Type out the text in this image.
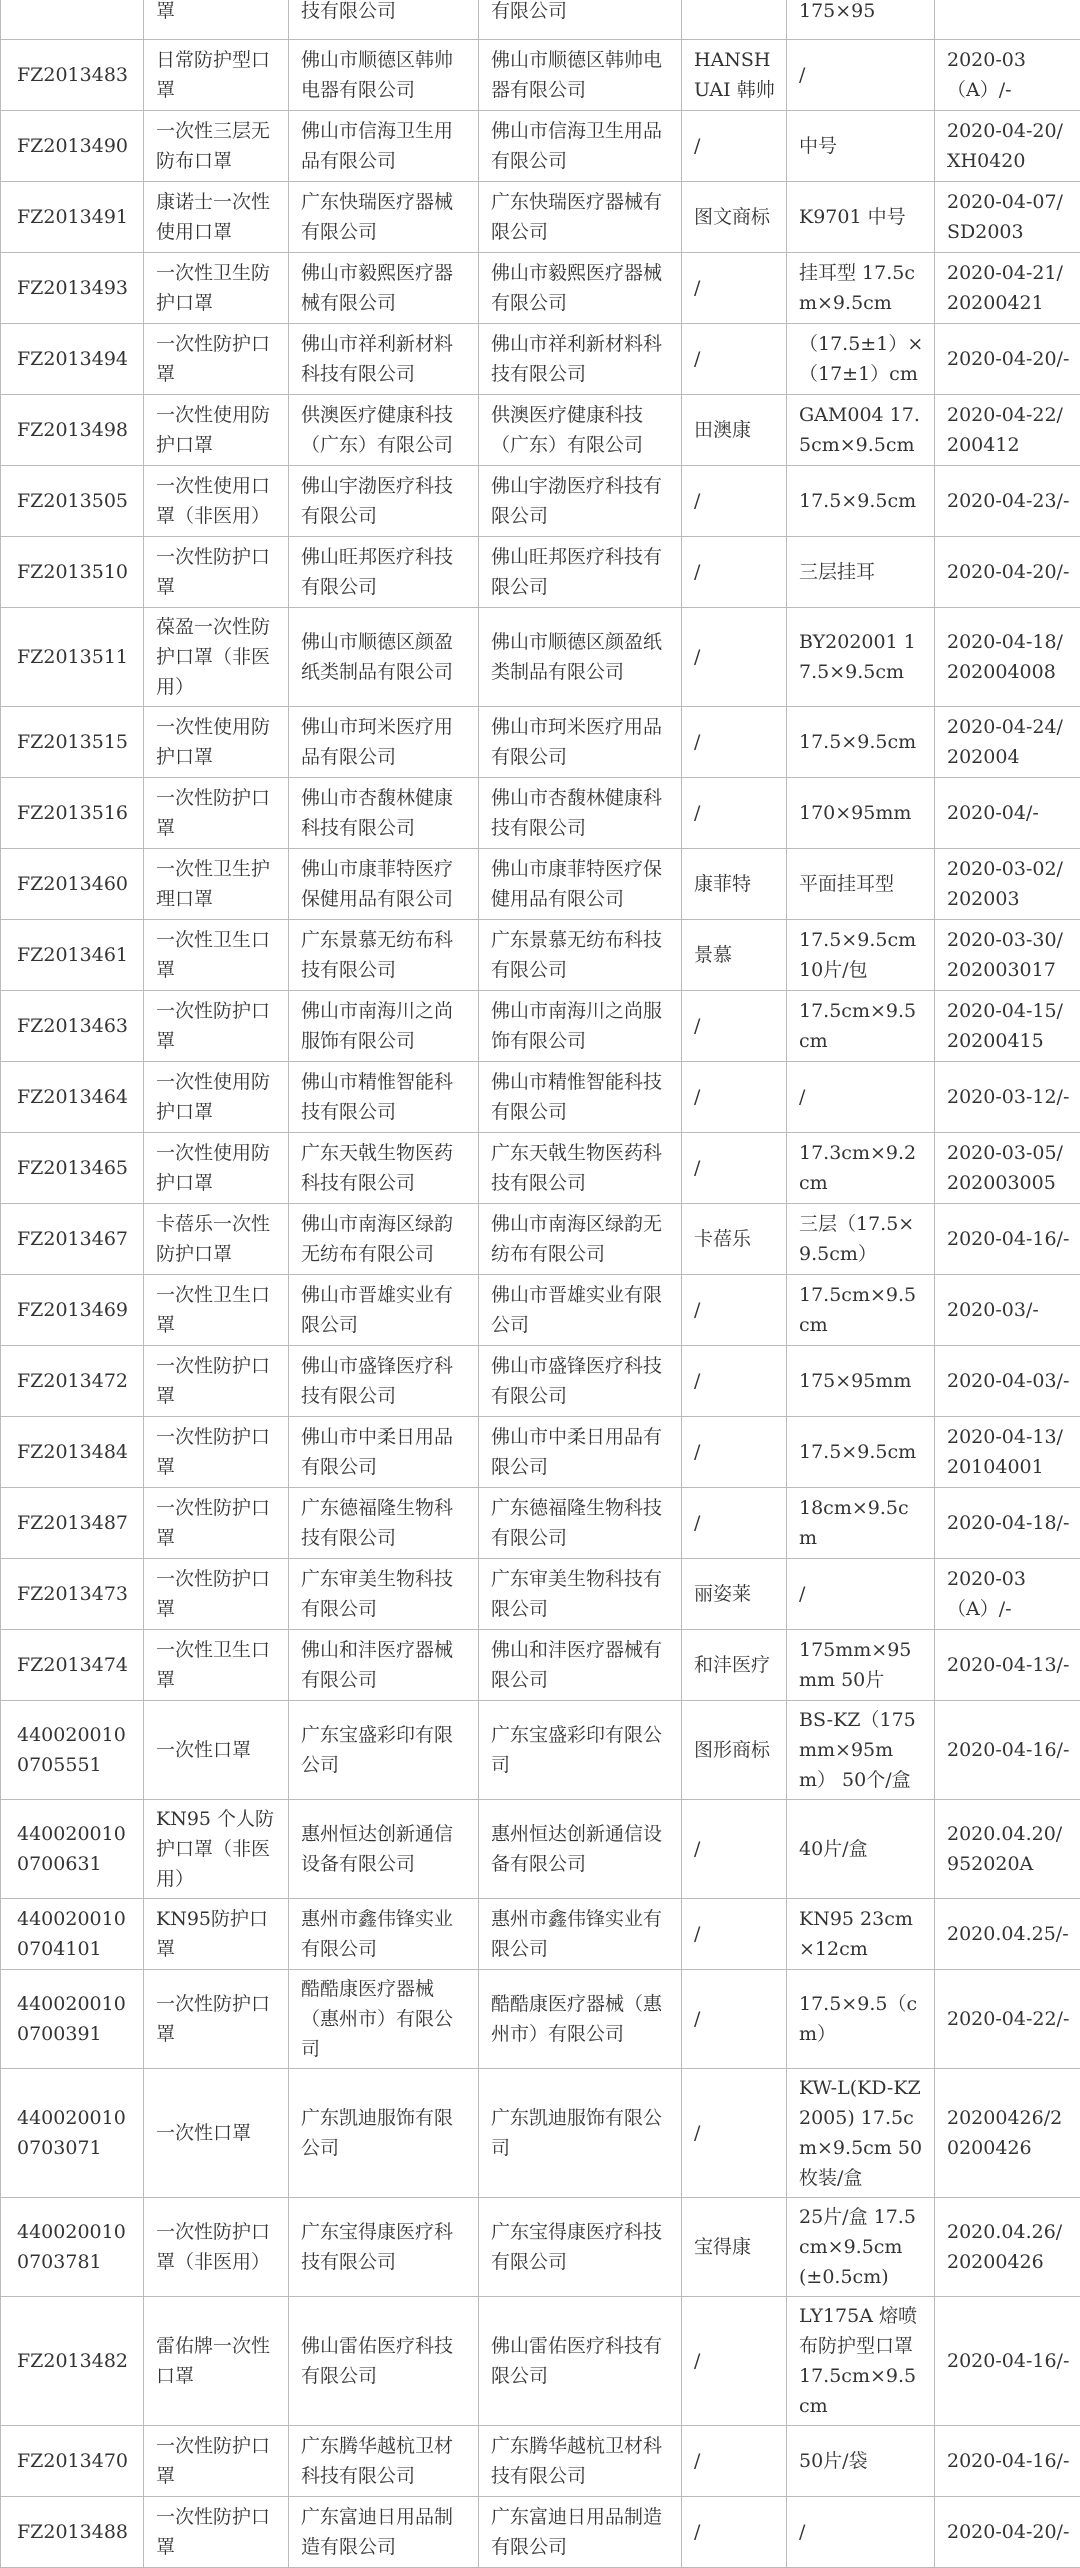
	罩	技有限公司	有限公司		175×95	
FZ2013483	日常防护型口罩	佛山市顺德区韩帅电器有限公司	佛山市顺德区韩帅电器有限公司	HANSHUAI 韩帅	/	2020-03（A）/-
FZ2013490	一次性三层无防布口罩	佛山市信海卫生用品有限公司	佛山市信海卫生用品有限公司	/	中号	2020-04-20/XH0420
FZ2013491	康诺士一次性使用口罩	广东快瑞医疗器械有限公司	广东快瑞医疗器械有限公司	图文商标	K9701 中号	2020-04-07/SD2003
FZ2013493	一次性卫生防护口罩	佛山市毅熙医疗器械有限公司	佛山市毅熙医疗器械有限公司	/	挂耳型 17.5cm×9.5cm	2020-04-21/20200421
FZ2013494	一次性防护口罩	佛山市祥利新材料科技有限公司	佛山市祥利新材料科技有限公司	/	（17.5±1）×（17±1）cm	2020-04-20/-
FZ2013498	一次性使用防护口罩	供澳医疗健康科技（广东）有限公司	供澳医疗健康科技（广东）有限公司	田澳康	GAM004 17.5cm×9.5cm	2020-04-22/200412
FZ2013505	一次性使用口罩（非医用）	佛山宇渤医疗科技有限公司	佛山宇渤医疗科技有限公司	/	17.5×9.5cm	2020-04-23/-
FZ2013510	一次性防护口罩	佛山旺邦医疗科技有限公司	佛山旺邦医疗科技有限公司	/	三层挂耳	2020-04-20/-
FZ2013511	葆盈一次性防护口罩（非医用）	佛山市顺德区颜盈纸类制品有限公司	佛山市顺德区颜盈纸类制品有限公司	/	BY202001 17.5×9.5cm	2020-04-18/202004008
FZ2013515	一次性使用防护口罩	佛山市珂米医疗用品有限公司	佛山市珂米医疗用品有限公司	/	17.5×9.5cm	2020-04-24/202004
FZ2013516	一次性防护口罩	佛山市杏馥林健康科技有限公司	佛山市杏馥林健康科技有限公司	/	170×95mm	2020-04/-
FZ2013460	一次性卫生护理口罩	佛山市康菲特医疗保健用品有限公司	佛山市康菲特医疗保健用品有限公司	康菲特	平面挂耳型	2020-03-02/202003
FZ2013461	一次性卫生口罩	广东景慕无纺布科技有限公司	广东景慕无纺布科技有限公司	景慕	17.5×9.5cm 10片/包	2020-03-30/202003017
FZ2013463	一次性防护口罩	佛山市南海川之尚服饰有限公司	佛山市南海川之尚服饰有限公司	/	17.5cm×9.5cm	2020-04-15/20200415
FZ2013464	一次性使用防护口罩	佛山市精惟智能科技有限公司	佛山市精惟智能科技有限公司	/	/	2020-03-12/-
FZ2013465	一次性使用防护口罩	广东天戟生物医药科技有限公司	广东天戟生物医药科技有限公司	/	17.3cm×9.2cm	2020-03-05/202003005
FZ2013467	卡蓓乐一次性防护口罩	佛山市南海区绿韵无纺布有限公司	佛山市南海区绿韵无纺布有限公司	卡蓓乐	三层（17.5×9.5cm）	2020-04-16/-
FZ2013469	一次性卫生口罩	佛山市晋雄实业有限公司	佛山市晋雄实业有限公司	/	17.5cm×9.5cm	2020-03/-
FZ2013472	一次性防护口罩	佛山市盛锋医疗科技有限公司	佛山市盛锋医疗科技有限公司	/	175×95mm	2020-04-03/-
FZ2013484	一次性防护口罩	佛山市中柔日用品有限公司	佛山市中柔日用品有限公司	/	17.5×9.5cm	2020-04-13/20104001
FZ2013487	一次性防护口罩	广东德福隆生物科技有限公司	广东德福隆生物科技有限公司	/	18cm×9.5cm	2020-04-18/-
FZ2013473	一次性防护口罩	广东审美生物科技有限公司	广东审美生物科技有限公司	丽姿莱	/	2020-03（A）/-
FZ2013474	一次性卫生口罩	佛山和沣医疗器械有限公司	佛山和沣医疗器械有限公司	和沣医疗	175mm×95mm 50片	2020-04-13/-
4400200100705551	一次性口罩	广东宝盛彩印有限公司	广东宝盛彩印有限公司	图形商标	BS-KZ（175mm×95mm） 50个/盒	2020-04-16/-
4400200100700631	KN95 个人防护口罩（非医用）	惠州恒达创新通信设备有限公司	惠州恒达创新通信设备有限公司	/	40片/盒	2020.04.20/952020A
4400200100704101	KN95防护口罩	惠州市鑫伟锋实业有限公司	惠州市鑫伟锋实业有限公司	/	KN95 23cm×12cm	2020.04.25/-
4400200100700391	一次性防护口罩	酷酷康医疗器械（惠州市）有限公司	酷酷康医疗器械（惠州市）有限公司	/	17.5×9.5（cm）	2020-04-22/-
4400200100703071	一次性口罩	广东凯迪服饰有限公司	广东凯迪服饰有限公司	/	KW-L(KD-KZ2005) 17.5cm×9.5cm 50枚装/盒	20200426/20200426
4400200100703781	一次性防护口罩（非医用）	广东宝得康医疗科技有限公司	广东宝得康医疗科技有限公司	宝得康	25片/盒 17.5cm×9.5cm(±0.5cm)	2020.04.26/20200426
FZ2013482	雷佑牌一次性口罩	佛山雷佑医疗科技有限公司	佛山雷佑医疗科技有限公司	/	LY175A 熔喷布防护型口罩 17.5cm×9.5cm	2020-04-16/-
FZ2013470	一次性防护口罩	广东腾华越杭卫材科技有限公司	广东腾华越杭卫材科技有限公司	/	50片/袋	2020-04-16/-
FZ2013488	一次性防护口罩	广东富迪日用品制造有限公司	广东富迪日用品制造有限公司	/	/	2020-04-20/-
